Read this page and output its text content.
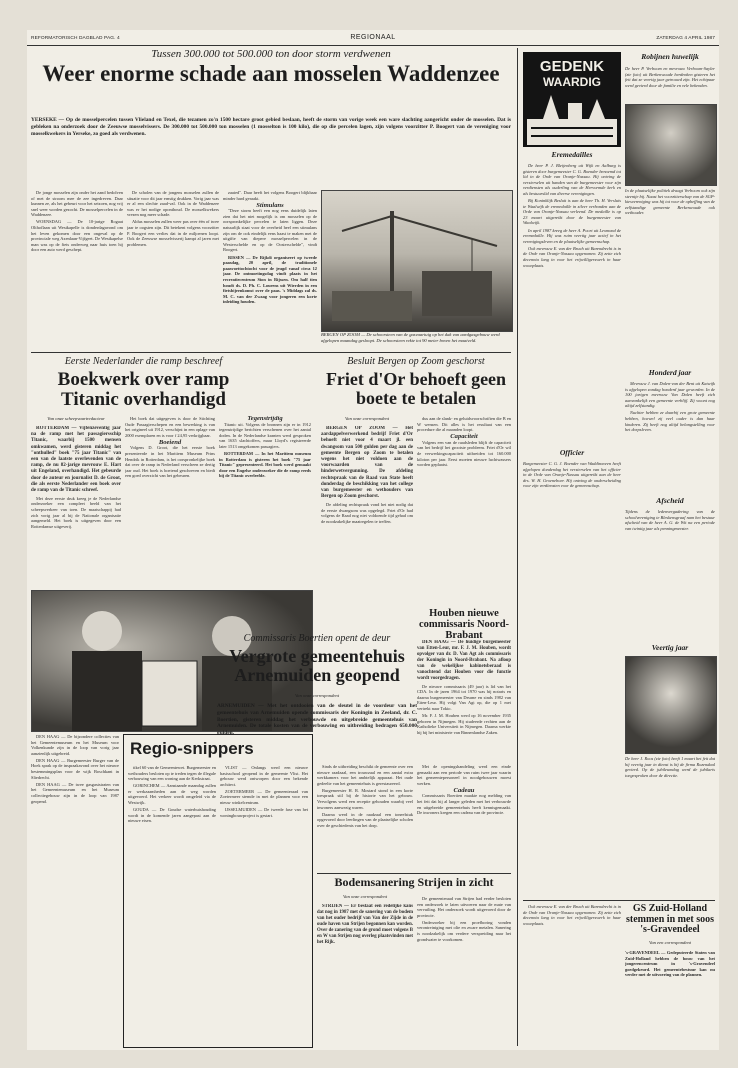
REFORMATORISCH DAGBLAD PAG. 4	REGIONAAL	ZATERDAG 4 APRIL 1987
Tussen 300.000 tot 500.000 ton door storm verdwenen
Weer enorme schade aan mosselen Waddenzee
YERSEKE — Op de mosselpercelen tussen Vlieland en Texel, die tezamen zo'n 1500 hectare groot gebied beslaan, heeft de storm van vorige week een ware slachting aangericht onder de mosselen. Dat is gebleken na onderzoek door de Zeeuwse mosselvissers. De 300.000 tot 500.000 ton mosselen (1 mosselton is 100 kilo), die op die percelen lagen, zijn volgens voorzitter P. Boogert van de vereniging voor mosselkwekers in Yerseke, zo goed als verdwenen.

De jonge mosselen zijn onder het zand bedolven of met de stroom mee de zee ingedreven. Daar kunnen ze, als het gebeurt voor het seizoen, nog vrij snel weer worden gezocht. De mosselpercelen in de Waddenzee.

WOENSDAG — De 10-jarige Rogaat Olthoflaan uit Westkapelle is donderdagavond om het leven gekomen door een ongeval op de provinciale weg Axenlaan-Vijfgeet. De Westkapelse man was op de fiets onderweg naar huis toen hij door een auto werd geschept.

De scholen van de jongens mosselen zullen de situatie voor dit jaar ernstig drukken. Vorig jaar was er al een slechte zaad-val. Ook in de Waddenzee was er het nodige oponthoud. De mosselkwekers vrezen nog meer schade.

Aldus mosselen zullen weer pas over één of twee jaar te oogsten zijn. Dit betekent volgens voorzitter P. Boogert een verlies dat in de miljoenen loopt. Ook de Zeeuwse mosselvisserij kampt al jaren met problemen.

zaaied". Daar heeft het volgens Boogert blijkbaar minder hard geraakt.

Stimulans

"Deze storm heeft een nog eens duidelijk laten zien dat het niet mogelijk is om mosselen op de oorspronkelijke percelen te laten liggen. Deze natuurlijk staat voor de overheid heel een stimulans zijn om de ook eindelijk eens haast te maken met de uitgifte van diepere mosselpercelen in de Westerschelde en op de Oosterschelde", vindt Boogert.

RISSEN — De Rijkdi organiseert op tweede paasdag, 20 april, de traditionele paasvoettochtocht voor de jeugd vanaf circa 12 jaar. De ontmoetingsdag vindt plaats in het recreatiecentrum Sion in Rijssen. Om half tien houdt ds. D. Ph. C. Lourens uit Wierden in een fietsbijeenkomst over de paas. 's Middags zal ds. M. C. van der Zwaag voor jongeren een korte inleiding houden.

BERGEN OP ZOOM — De schoorsteen van de gasvaartuig op het dak van aardgasgebouw werd afgelopen maandag gesloopt. De schoorsteen rekte tot 90 meter boven het maaiveld.
Eerste Nederlander die ramp beschreef
Boekwerk over ramp Titanic overhandigd
Van onze scheepvaartredacteur

ROTTERDAM — Vijfenzeventig jaar na de ramp met het passagiersschip Titanic, waarbij 1500 mensen omkwamen, werd gisteren middag het "onthulled" boek "75 jaar Titanic" van een van de laatste overlevenden van de ramp, de nu 82-jarige mevrouw E. Hart uit Engeland, overhandigd. Het gebeurde door de auteur en journalist D. de Groot, die als eerste Nederlander een boek over de ramp van de Titanic schreef.

Met deze eerste druk kreeg je de Nederlandse onderzoeker een compleet beeld van het scheepsverkeer van toen. De maatschappij had zich vorig jaar al bij de Nationale organisatie aangemeld. Het boek is uitgegeven door een Rotterdamse uitgeverij.

Het boek dat uitgegeven is door de Stichting Oude Passagierschepen en een bewerking is van het origineel uit 1912, verschijnt in een oplage van 2000 exemplaren en is voor f 24,95 verkrijgbaar.

Boeiend

Volgens D. Groot, die het eerste boek presenteerde in het Maritiem Museum Prins Hendrik in Rotterdam, is het oorspronkelijke boek dat over de ramp in Nederland verscheen ze dertig jaar oud. Het boek is boeiend geschreven en biedt een goed overzicht van het gebeuren.

Tegenstrijdig

Titanic uit. Volgens de bronnen zijn er in 1912 tegenstrijdige berichten verschenen over het aantal doden. In de Nederlandse kranten werd gesproken van 1635 slachtoffers, maar Lloyd's registreerde later 1513 omgekomen passagiers.

ROTTERDAM — In het Maritiem museum in Rotterdam is gisteren het boek "75 jaar Titanic" gepresenteerd. Het boek werd gemaakt door een Engelse onderzoeker die de ramp reeds bij de Titanic overleefde.

DEN HAAG — De bijzondere collecties van het Gemeentemuseum en het Museum voor Volkenkunde zijn in de loop van vorig jaar aanzienlijk uitgebreid.

DEN HAAG — Burgemeester Burger van de Hoek sprak op de inspraakavond over het nieuwe bestemmingsplan voor de wijk Boschkant in Sliedrecht.

DEN HAAG — De twee gasgaststraten van het Gemeentemuseum en het Museum collectiegebouw zijn in de loop van 1987 geopend.

Regio-snippers

tikel 60 van de Gemeentewet. Burgemeester en wethouders besloten op te treden tegen de illegale verbouwing van een woning aan de Kerkstraat.

GORINCHEM — Aanstaande maandag zullen er werkzaamheden aan de weg worden uitgevoerd. Het verkeer wordt omgeleid via de Westwijk.

GOUDA — De Goudse waterhuishouding wordt in de komende jaren aangepast aan de nieuwe eisen.

VLIST — Onlangs werd een nieuwe basisschool geopend in de gemeente Vlist. Het gebouw werd ontworpen door een bekende architect.

ZOETERMEER — De gemeenteraad van Zoetermeer stemde in met de plannen voor een nieuw winkelcentrum.

IJSSELMUIDEN — De tweede fase van het woningbouwproject is gestart.

Besluit Bergen op Zoom geschorst
Friet d'Or behoeft geen boete te betalen
Van onze correspondent

BERGEN OP ZOOM — Het aardappelverwerkend bedrijf Friet d'Or behoeft niet voor 4 maart jl. een dwangsom van 500 gulden per dag aan de gemeente Bergen op Zoom te betalen wegens het niet voldoen aan de voorwaarden van de hinderwetvergunning. De afdeling rechtspraak van de Raad van State heeft donderdag de beschikking van het college van burgemeester en wethouders van Bergen op Zoom geschorst.

De afdeling rechtspraak vond het niet nodig dat de eerste dwangsom was opgelegd. Friet d'Or had volgens de Raad nog niet voldoende tijd gehad om de noodzakelijke maatregelen te treffen.

dus aan de slank- en geluidsvoorschriften die B en W wensen. Dit alles is het resultaat van een procedure die al maanden loopt.

Capaciteit

Volgens een van de raadsleden blijft de capaciteit van het bedrijf het grootste probleem. Friet d'Or wil de verwerkingscapaciteit uitbreiden tot 160.000 kiloton per jaar. Eerst moeten nieuwe luchtwassers worden geplaatst.

Commissaris Boertien opent de deur
Vergrote gemeentehuis Arnemuiden geopend
Van onze correspondent
ARNEMUIDEN — Met het ontdooien van de sleutel in de voordeur van het gemeentehuis van Arnemuiden opende commissaris der Koningin in Zeeland, dr. C. Boertien, gisteren middag het verbouwde en uitgebreide gemeentehuis van Arnemuiden. De totale kosten van de verbouwing en uitbreiding bedragen 650.000 gulden.

Sinds de uitbreiding beschikt de gemeente over een nieuwe raadzaal, een trouwzaal en een aantal extra werkkamers voor het ambtelijk apparaat. Het oude gedeelte van het gemeentehuis is gerestaureerd.

Burgemeester H. R. Mostard stond in een korte toespraak stil bij de historie van het gebouw. Vervolgens werd een receptie gehouden waarbij veel inwoners aanwezig waren.

Daarna werd in de raadzaal een toneelstuk opgevoerd door leerlingen van de plaatselijke scholen over de geschiedenis van het dorp.

Met de openingshandeling werd een einde gemaakt aan een periode van ruim twee jaar waarin het gemeentepersoneel in noodgebouwen moest werken.

Cadeau

Commissaris Boertien maakte nog melding van het feit dat hij al langer geleden met het verbouwde en uitgebreide gemeentehuis heeft kennisgemaakt. De inwoners kregen een cadeau van de provincie.

Houben nieuwe commissaris Noord-Brabant

DEN HAAG — De huidige burgemeester van Etten-Leur, mr. F. J. M. Houben, wordt opvolger van dr. D. Van Agt als commissaris der Koningin in Noord-Brabant. Na afloop van de wekelijkse kabinetsberaad is vanochtend dat Houben voor die functie wordt voorgedragen.

De nieuwe commissaris (49 jaar) is lid van het CDA. In de jaren 1964 tot 1970 was hij notaris en daarna burgemeester van Deurne en sinds 1982 van Etten-Leur. Hij volgt Van Agt op, die op 1 mei vertrekt naar Tokio.

Mr. F. J. M. Houben werd op 16 november 1935 geboren in Nijmegen. Hij studeerde rechten aan de Katholieke Universiteit in Nijmegen. Daarna werkte hij bij het ministerie van Binnenlandse Zaken.

Bodemsanering Strijen in zicht
Van onze correspondent

STRIJEN — Er bestaat een redelijke kans dat nog in 1987 met de sanering van de bodem van het ouder bedrijf van Van der Zijde in de oude haven van Strijen begonnen kan worden. Over de zanering van de grond moet volgens B en W van Strijen nog overleg plaatsvinden met het Rijk.

De gemeenteraad van Strijen had eerder besloten een onderzoek te laten uitvoeren naar de mate van vervuiling. Het onderzoek wordt uitgevoerd door de provincie.

Onderzoeker bij een proefboring vonden verontreiniging met olie en zware metalen. Sanering is noodzakelijk om verdere verspreiding naar het grondwater te voorkomen.

GEDENK
WAARDIG
Eremedailles

De heer P. J. Bleijenberg uit Wijk en Aalburg is gisteren door burgemeester C. G. Boender benoemd tot lid in de Orde van Oranje-Nassau. Hij ontving de versierselen uit handen van de burgemeester voor zijn verdiensten als ouderling van de Hervormde kerk en als bestuurslid van diverse verenigingen.

Bij Koninklijk Besluit is aan de heer Th. H. Versluis te Waalwijk de eremedaille in zilver verbonden aan de Orde van Oranje-Nassau verleend. De medaille is op 23 maart uitgereikt door de burgemeester van Waalwijk.

In april 1987 kreeg de heer A. Poort uit Lexmond de eremedaille. Hij was ruim veertig jaar actief in het verenigingsleven en de plaatselijke gemeenschap.

Ook mevrouw E. van der Bruch uit Barendrecht is in de Orde van Oranje-Nassau opgenomen. Zij zette zich decennia lang in voor het vrijwilligerswerk in haar woonplaats.

Robijnen huwelijk
De heer P. Verboom en mevrouw Verboom-Sayler (zie foto) uit Berkenwoude herdenken gisteren het feit dat ze veertig jaar getrouwd zijn. Het echtpaar werd gevierd door de familie en vele bekenden.
In de plaatselijke politiek draagt Verboom ook zijn steentje bij. Naast het voorzitterschap van de SGP-kiesvereniging was hij tot voor de opheffing van de zelfstandige gemeente Berkenwoude ook wethouder.
Honderd jaar

Mevrouw J. van Dalen-van der Bent uit Katwijk is afgelopen zondag honderd jaar geworden. In de 100 jarigen mevrouw Van Dalen heeft zich aanvankelijk een gemeente verblijf. Zij woont nog altijd zelfstandig.

Nuchter hebben ze daarbij een grote gemeente hebben, hoewel zij veel ouder is dan haar kinderen. Zij heeft nog altijd belangstelling voor het dorpsleven.

Afscheid
Tijdens de ledenvergadering van de schoolvereniging te Bleskensgraaf nam het bestuur afscheid van de heer A. G. de Wit na een periode van twintig jaar als penningmeester.
Veertig jaar
De heer J. Roos (zie foto) heeft 1 maart het feit dat hij veertig jaar in dienst is bij de firma Rozendaal gevierd. Op de jubileumdag werd de jubilaris toegesproken door de directie.
Officier
Burgemeester C. G. J. Boender van Waddinxveen heeft afgelopen donderdag het versierselen van het officier in de Orde van Oranje-Nassau uitgereikt aan de heer drs. W. H. Groeneboer. Hij ontving de onderscheiding voor zijn verdiensten voor de gemeenschap.
GS Zuid-Holland stemmen in met soos 's-Gravendeel
Van een correspondent
's-GRAVENDEEL — Gedeputeerde Staten van Zuid-Holland hebben de bouw van het jongerencentrum in 's-Gravendeel goedgekeurd. Het gemeentebestuur kan nu verder met de uitvoering van de plannen.

Ook mevrouw E. van der Bruch uit Barendrecht is in de Orde van Oranje-Nassau opgenomen. Zij zette zich decennia lang in voor het vrijwilligerswerk in haar woonplaats.
